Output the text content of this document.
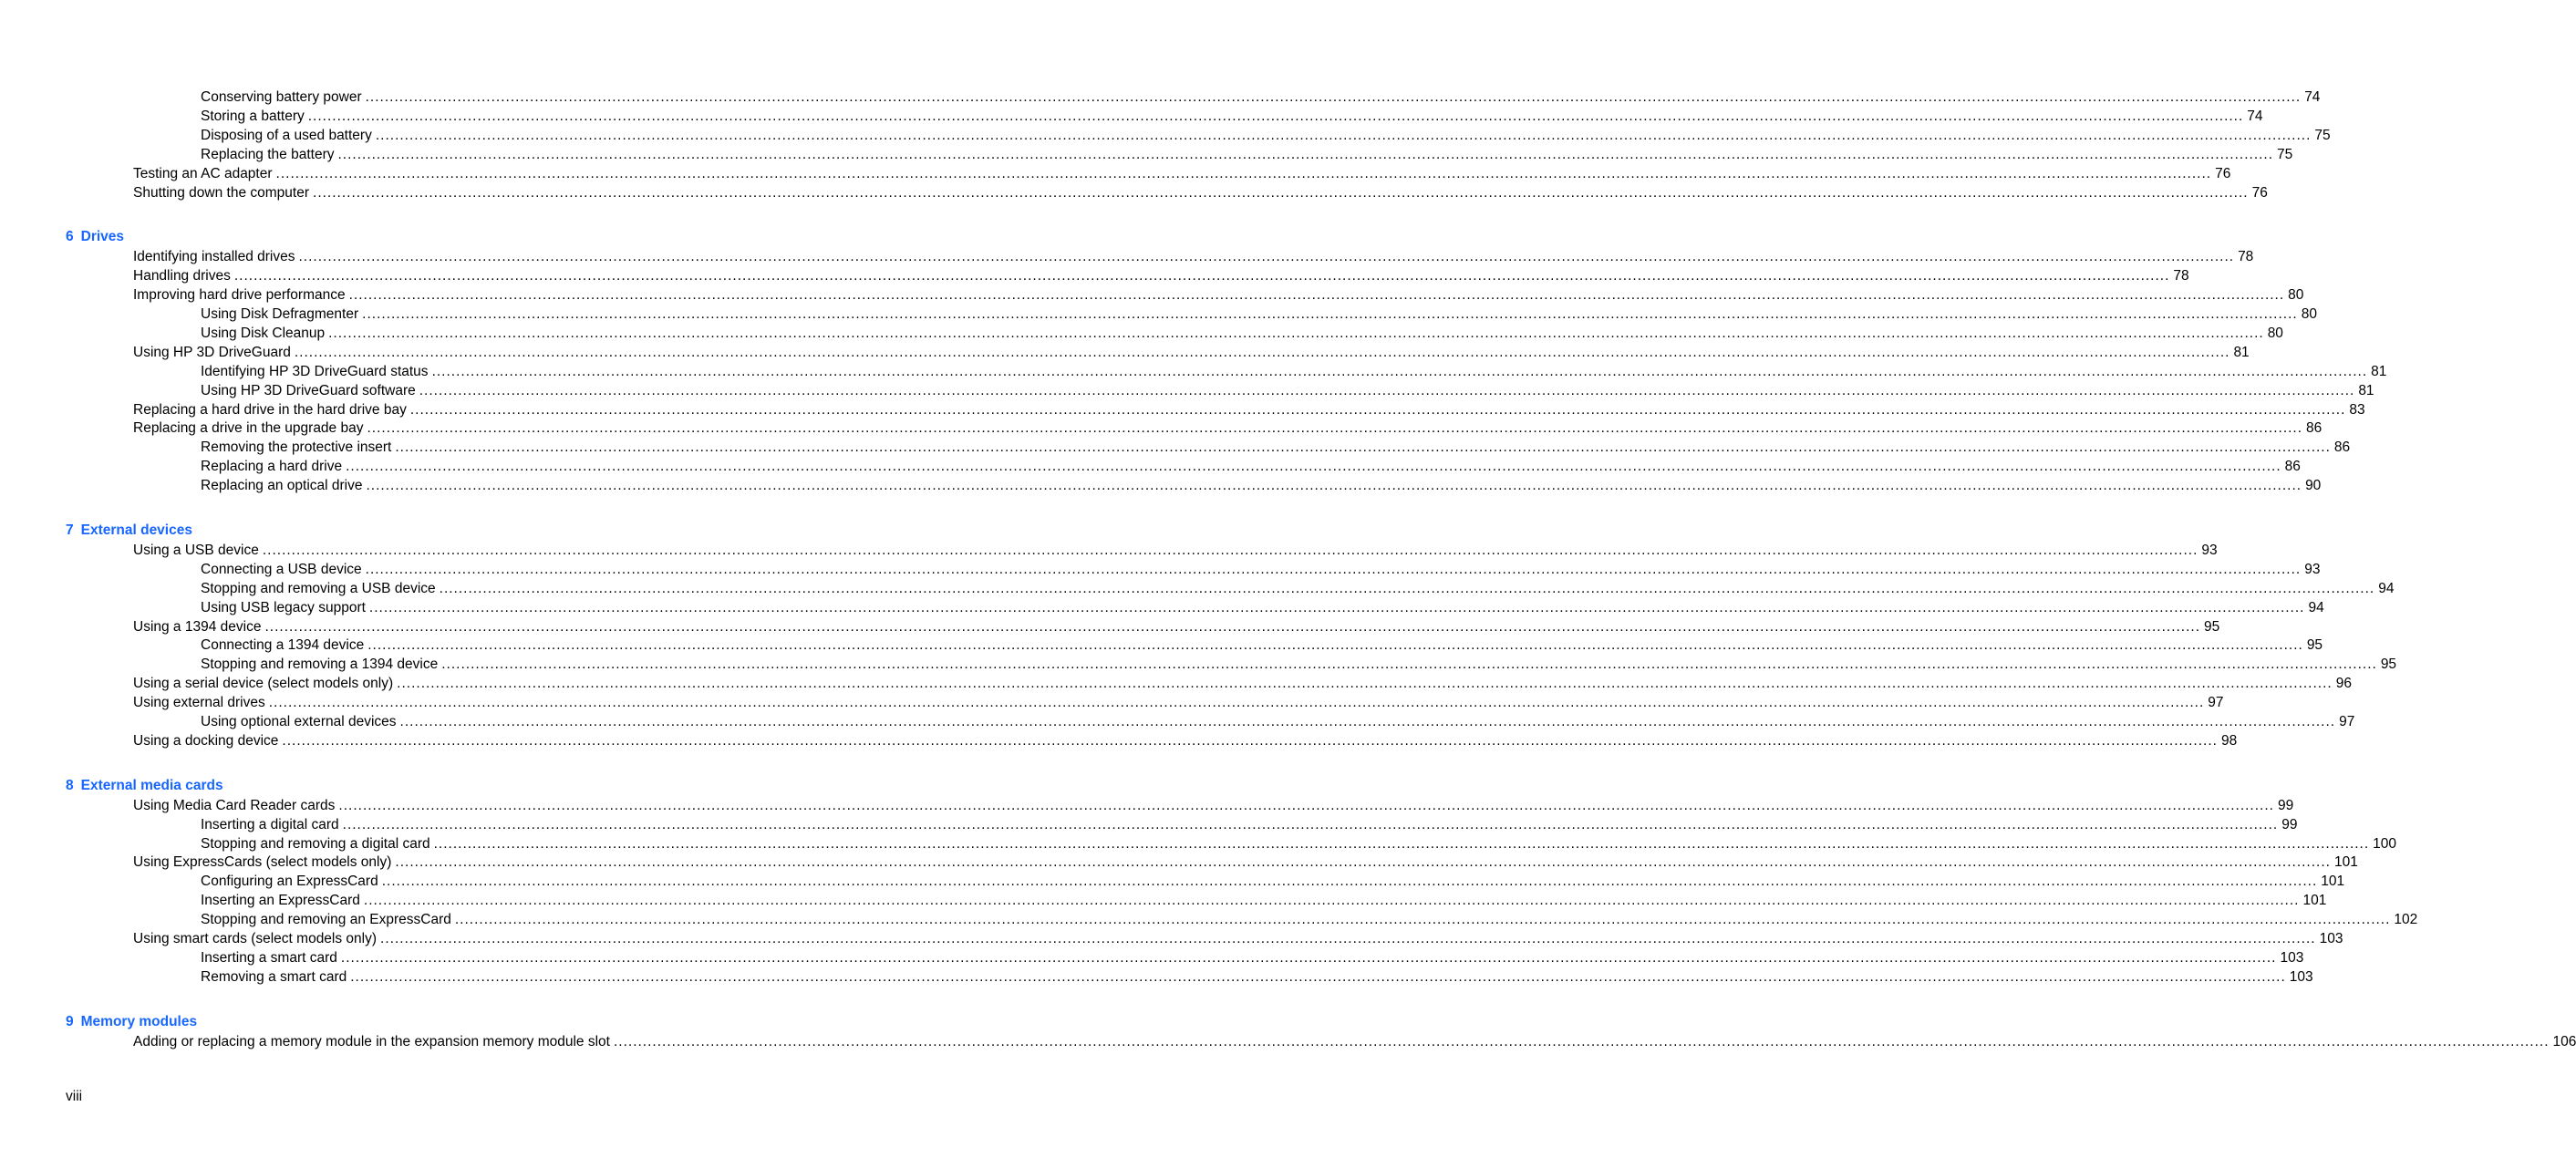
Conserving battery power ................................................................................................................................................................................................................................................................................................................................................................................................................ 74
Storing a battery ................................................................................................................................................................................................................................................................................................................................................................................................................ 74
Disposing of a used battery ................................................................................................................................................................................................................................................................................................................................................................................................................ 75
Replacing the battery ................................................................................................................................................................................................................................................................................................................................................................................................................ 75
Testing an AC adapter ................................................................................................................................................................................................................................................................................................................................................................................................................ 76
Shutting down the computer ................................................................................................................................................................................................................................................................................................................................................................................................................ 76
6 Drives
Identifying installed drives ................................................................................................................................................................................................................................................................................................................................................................................................................ 78
Handling drives ................................................................................................................................................................................................................................................................................................................................................................................................................ 78
Improving hard drive performance ................................................................................................................................................................................................................................................................................................................................................................................................................ 80
Using Disk Defragmenter ................................................................................................................................................................................................................................................................................................................................................................................................................ 80
Using Disk Cleanup ................................................................................................................................................................................................................................................................................................................................................................................................................ 80
Using HP 3D DriveGuard ................................................................................................................................................................................................................................................................................................................................................................................................................ 81
Identifying HP 3D DriveGuard status ................................................................................................................................................................................................................................................................................................................................................................................................................ 81
Using HP 3D DriveGuard software ................................................................................................................................................................................................................................................................................................................................................................................................................ 81
Replacing a hard drive in the hard drive bay ................................................................................................................................................................................................................................................................................................................................................................................................................ 83
Replacing a drive in the upgrade bay ................................................................................................................................................................................................................................................................................................................................................................................................................ 86
Removing the protective insert ................................................................................................................................................................................................................................................................................................................................................................................................................ 86
Replacing a hard drive ................................................................................................................................................................................................................................................................................................................................................................................................................ 86
Replacing an optical drive ................................................................................................................................................................................................................................................................................................................................................................................................................ 90
7 External devices
Using a USB device ................................................................................................................................................................................................................................................................................................................................................................................................................ 93
Connecting a USB device ................................................................................................................................................................................................................................................................................................................................................................................................................ 93
Stopping and removing a USB device ................................................................................................................................................................................................................................................................................................................................................................................................................ 94
Using USB legacy support ................................................................................................................................................................................................................................................................................................................................................................................................................ 94
Using a 1394 device ................................................................................................................................................................................................................................................................................................................................................................................................................ 95
Connecting a 1394 device ................................................................................................................................................................................................................................................................................................................................................................................................................ 95
Stopping and removing a 1394 device ................................................................................................................................................................................................................................................................................................................................................................................................................ 95
Using a serial device (select models only) ................................................................................................................................................................................................................................................................................................................................................................................................................ 96
Using external drives ................................................................................................................................................................................................................................................................................................................................................................................................................ 97
Using optional external devices ................................................................................................................................................................................................................................................................................................................................................................................................................ 97
Using a docking device ................................................................................................................................................................................................................................................................................................................................................................................................................ 98
8 External media cards
Using Media Card Reader cards ................................................................................................................................................................................................................................................................................................................................................................................................................ 99
Inserting a digital card ................................................................................................................................................................................................................................................................................................................................................................................................................ 99
Stopping and removing a digital card ................................................................................................................................................................................................................................................................................................................................................................................................................ 100
Using ExpressCards (select models only) ................................................................................................................................................................................................................................................................................................................................................................................................................ 101
Configuring an ExpressCard ................................................................................................................................................................................................................................................................................................................................................................................................................ 101
Inserting an ExpressCard ................................................................................................................................................................................................................................................................................................................................................................................................................ 101
Stopping and removing an ExpressCard ................................................................................................................................................................................................................................................................................................................................................................................................................ 102
Using smart cards (select models only) ................................................................................................................................................................................................................................................................................................................................................................................................................ 103
Inserting a smart card ................................................................................................................................................................................................................................................................................................................................................................................................................ 103
Removing a smart card ................................................................................................................................................................................................................................................................................................................................................................................................................ 103
9 Memory modules
Adding or replacing a memory module in the expansion memory module slot ................................................................................................................................................................................................................................................................................................................................................................................................................ 106
viii
